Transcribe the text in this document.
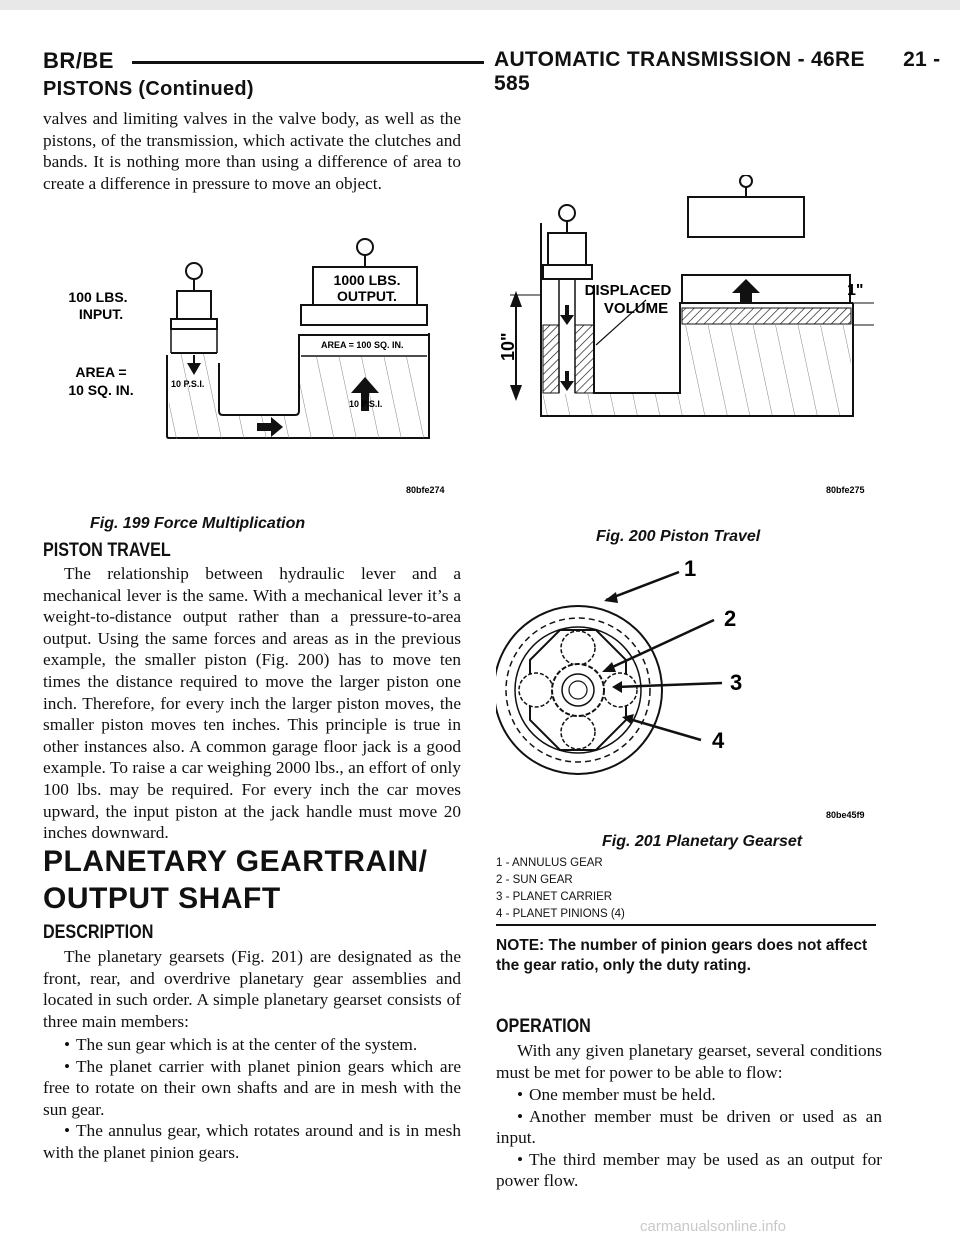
BR/BE	AUTOMATIC TRANSMISSION - 46RE 21 - 585
PISTONS (Continued)
valves and limiting valves in the valve body, as well as the pistons, of the transmission, which activate the clutches and bands. It is nothing more than using a difference of area to create a difference in pressure to move an object.
100 LBS.
INPUT.
AREA =
10 SQ. IN.
1000 LBS.
OUTPUT.
AREA = 100 SQ. IN.
10 P.S.I.
10 P.S.I.
80bfe274
Fig. 199 Force Multiplication
PISTON TRAVEL
The relationship between hydraulic lever and a mechanical lever is the same. With a mechanical lever it’s a weight-to-distance output rather than a pressure-to-area output. Using the same forces and areas as in the previous example, the smaller piston (Fig. 200) has to move ten times the distance required to move the larger piston one inch. Therefore, for every inch the larger piston moves, the smaller piston moves ten inches. This principle is true in other instances also. A common garage floor jack is a good example. To raise a car weighing 2000 lbs., an effort of only 100 lbs. may be required. For every inch the car moves upward, the input piston at the jack handle must move 20 inches downward.
PLANETARY GEARTRAIN/ OUTPUT SHAFT
DESCRIPTION
The planetary gearsets (Fig. 201) are designated as the front, rear, and overdrive planetary gear assemblies and located in such order. A simple planetary gearset consists of three main members:
• The sun gear which is at the center of the system.
• The planet carrier with planet pinion gears which are free to rotate on their own shafts and are in mesh with the sun gear.
• The annulus gear, which rotates around and is in mesh with the planet pinion gears.
DISPLACED
VOLUME
1"
10"
80bfe275
Fig. 200 Piston Travel
1
2
3
4
80be45f9
Fig. 201 Planetary Gearset
1 - ANNULUS GEAR
2 - SUN GEAR
3 - PLANET CARRIER
4 - PLANET PINIONS (4)
NOTE: The number of pinion gears does not affect the gear ratio, only the duty rating.
OPERATION
With any given planetary gearset, several conditions must be met for power to be able to flow:
• One member must be held.
• Another member must be driven or used as an input.
• The third member may be used as an output for power flow.
carmanualsonline.info
